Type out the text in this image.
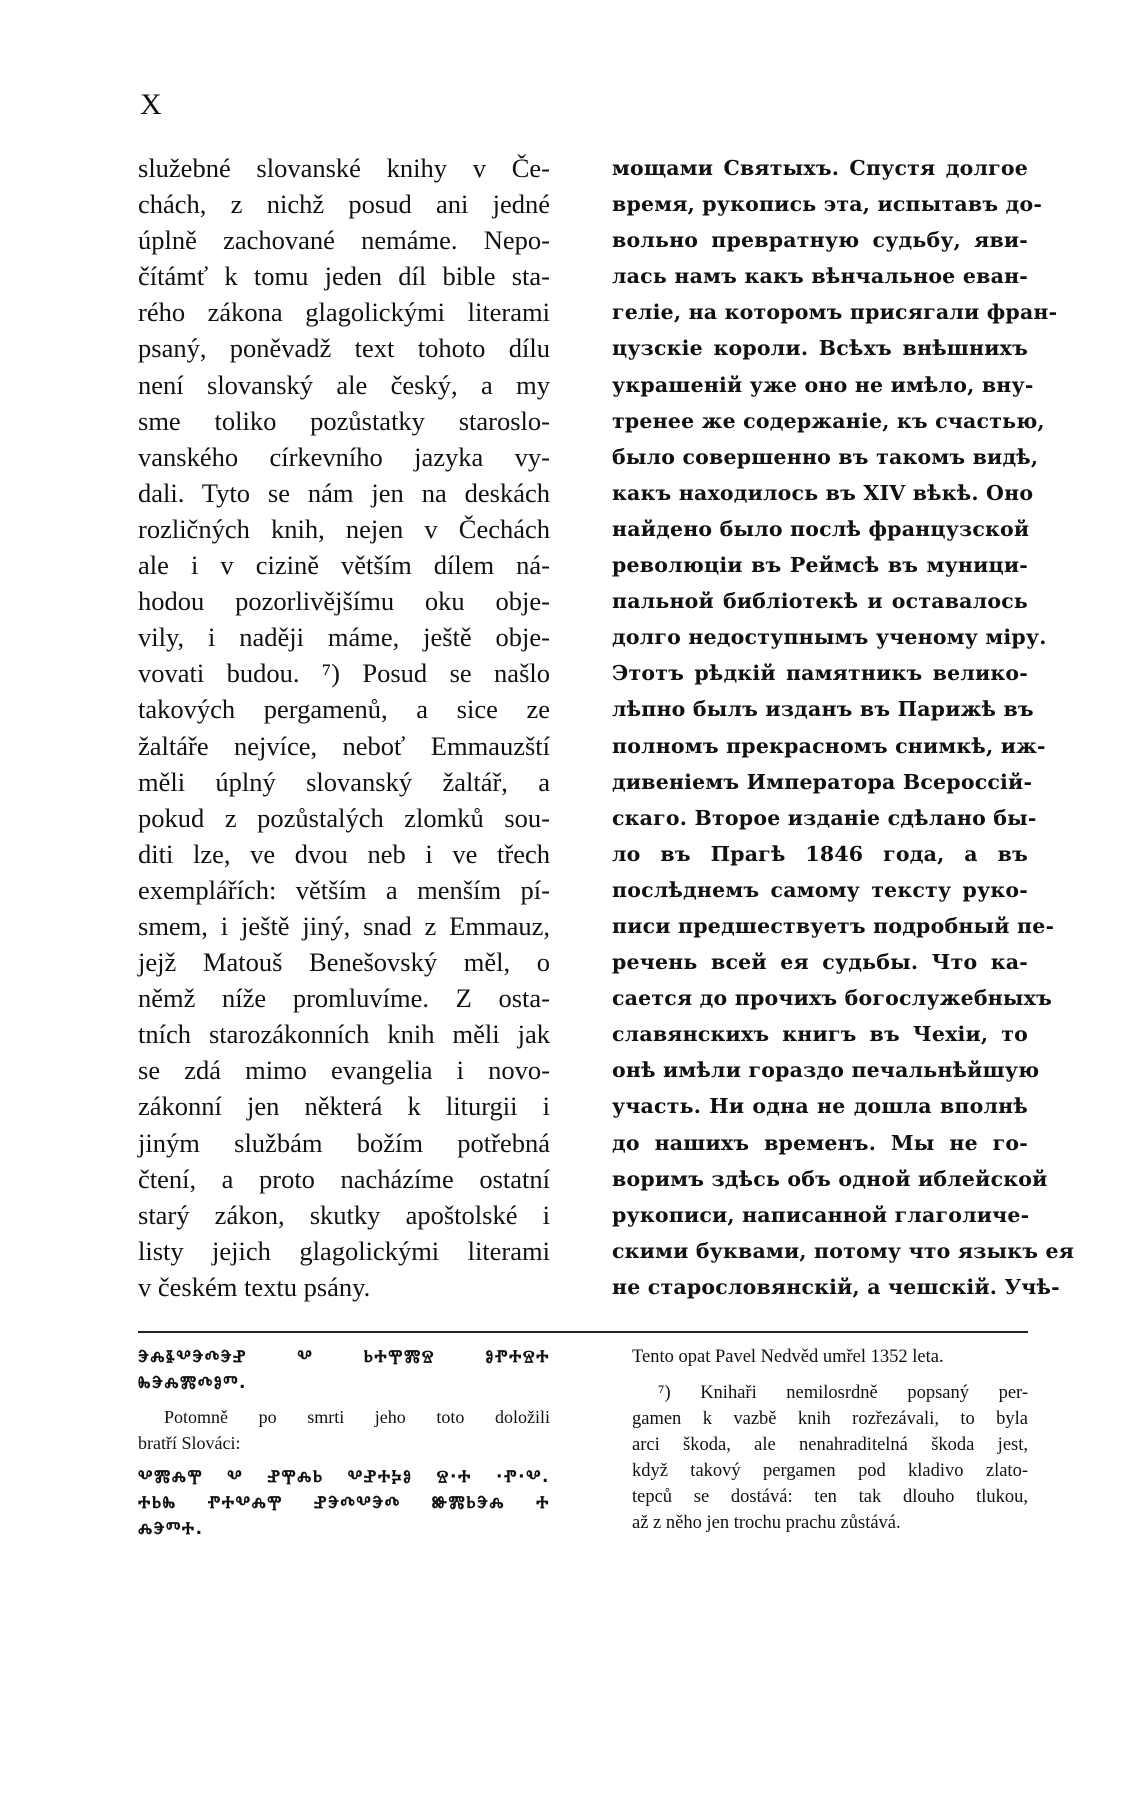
X
služebné slovanské knihy v Če-
chách, z nichž posud ani jedné
úplně zachované nemáme. Nepo-
čítámť k tomu jeden díl bible sta-
rého zákona glagolickými literami
psaný, poněvadž text tohoto dílu
není slovanský ale český, a my
sme toliko pozůstatky staroslo-
vanského církevního jazyka vy-
dali. Tyto se nám jen na deskách
rozličných knih, nejen v Čechách
ale i v cizině větším dílem ná-
hodou pozorlivějšímu oku obje-
vily, i naději máme, ještě obje-
vovati budou. ⁷) Posud se našlo
takových pergamenů, a sice ze
žaltáře nejvíce, neboť Emmauzští
měli úplný slovanský žaltář, a
pokud z pozůstalých zlomků sou-
diti lze, ve dvou neb i ve třech
exemplářích: větším a menším pí-
smem, i ještě jiný, snad z Emmauz,
jejž Matouš Benešovský měl, o
němž níže promluvíme. Z osta-
tních starozákonních knih měli jak
se zdá mimo evangelia i novo-
zákonní jen některá k liturgii i
jiným službám božím potřebná
čtení, a proto nacházíme ostatní
starý zákon, skutky apoštolské i
listy jejich glagolickými literami
v českém textu psány.
мощами Святыхъ. Спустя долгое
время, рукопись эта, испытавъ до-
вольно превратную судьбу, яви-
лась намъ какъ вѣнчальное еван-
геліе, на которомъ присягали фран-
цузскіе короли. Всѣхъ внѣшнихъ
украшеній уже оно не имѣло, вну-
тренее же содержаніе, къ счастью,
было совершенно въ такомъ видѣ,
какъ находилось въ XIV вѣкѣ. Оно
найдено было послѣ французской
революціи въ Реймсѣ въ муници-
пальной библіотекѣ и оставалось
долго недоступнымъ ученому міру.
Этотъ рѣдкій памятникъ велико-
лѣпно былъ изданъ въ Парижѣ въ
полномъ прекрасномъ снимкѣ, иж-
дивеніемъ Императора Всероссій-
скаго. Второе изданіе сдѣлано бы-
ло въ Прагѣ 1846 года, а въ
послѣднемъ самому тексту руко-
писи предшествуетъ подробный пе-
речень всей ея судьбы. Что ка-
сается до прочихъ богослужебныхъ
славянскихъ книгъ въ Чехіи, то
онѣ имѣли гораздо печальнѣйшую
участь. Ни одна не дошла вполнѣ
до нашихъ временъ. Мы не го-
воримъ здѣсь объ одной иблейской
рукописи, написанной глаголиче-
скими буквами, потому что языкъ ея
не старословянскій, а чешскій. Учѣ-
ⰅⰎⰫⰂⰅⰄⰅⰐ Ⰲ ⰓⰀⰉⰏⰔ ⰑⰒⰀⰔⰀ
ⰈⰅⰎⰏⰄⰑⰕ.
Potomně po smrti jeho toto doložili
bratří Slováci:
ⰂⰏⰎⰉ Ⰲ ⰐⰉⰎⰓ ⰂⰐⰀⰍⰑ Ⱄ·Ⰰ ·Ⱂ·Ⰲ.
ⰀⰓⰈ ⰒⰀⰂⰎⰉ ⰐⰅⰄⰂⰅⰄ ⰖⰏⰓⰅⰎ Ⰰ
ⰎⰅⰕⰀ.
Tento opat Pavel Nedvěd umřel 1352 leta.
⁷) Knihaři nemilosrdně popsaný per-
gamen k vazbě knih rozřezávali, to byla
arci škoda, ale nenahraditelná škoda jest,
když takový pergamen pod kladivo zlato-
tepců se dostává: ten tak dlouho tlukou,
až z něho jen trochu prachu zůstává.
